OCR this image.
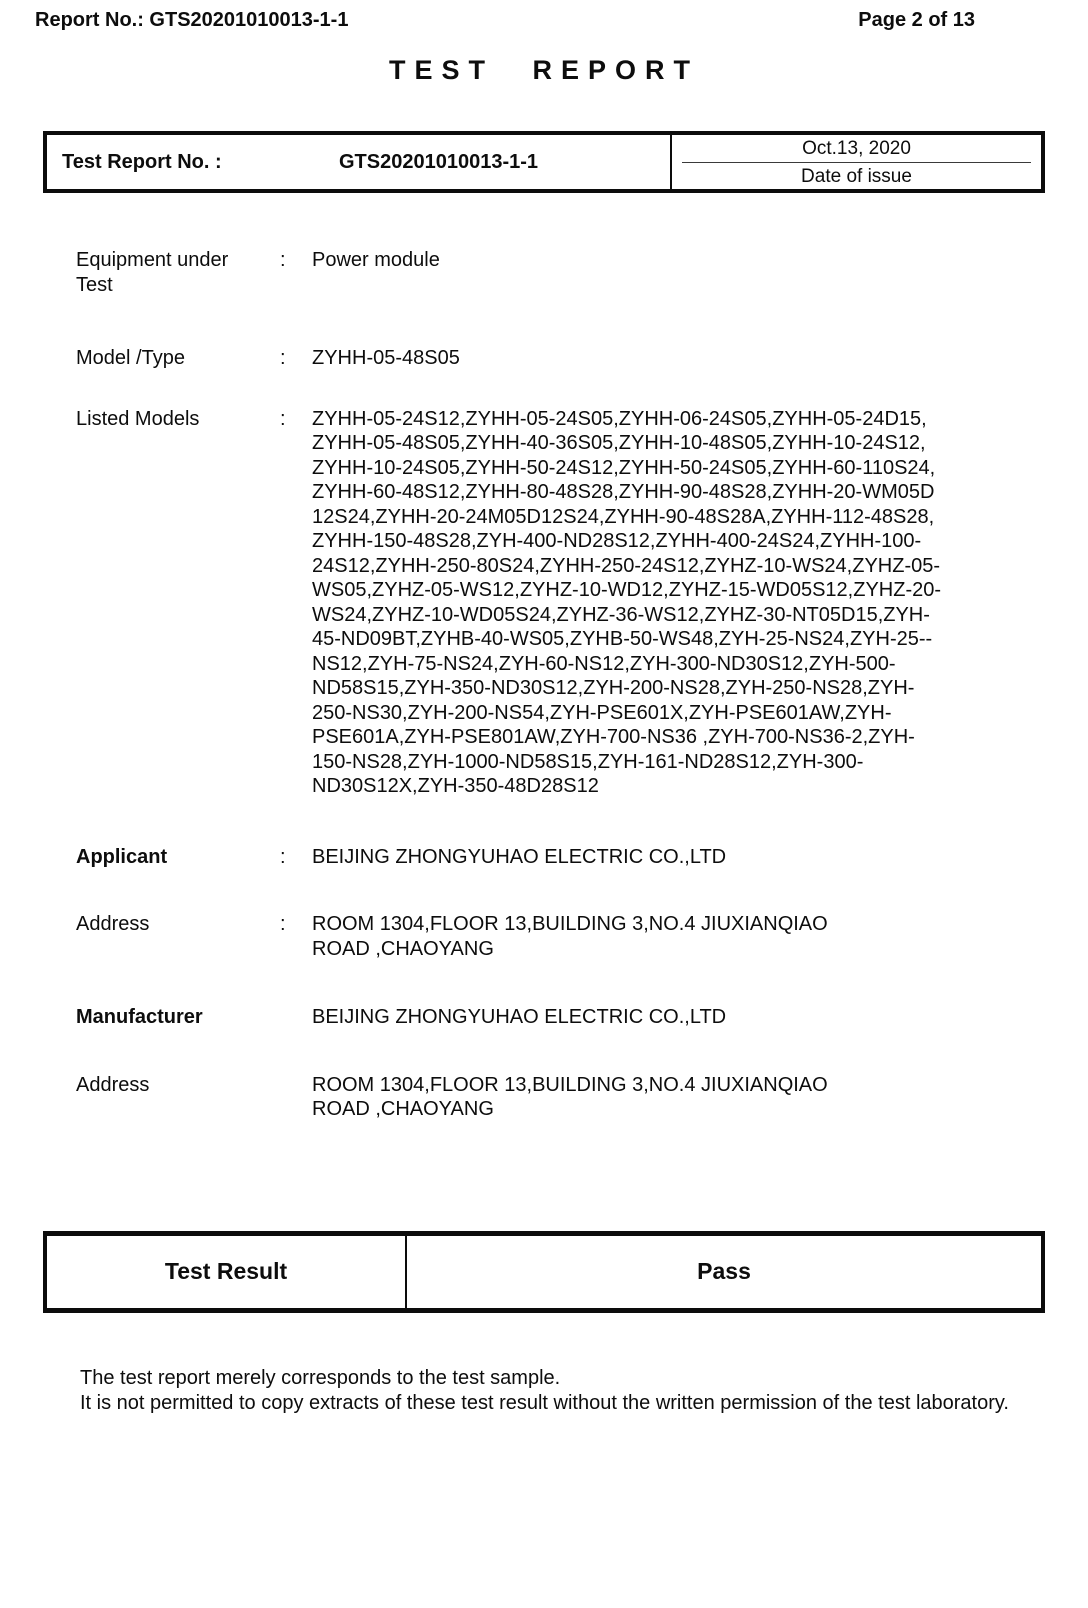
Report No.: GTS20201010013-1-1	Page 2 of 13
TEST REPORT
Test Report No. :	GTS20201010013-1-1
Oct.13, 2020
Date of issue
Equipment under Test
:	Power module
Model /Type	:	ZYHH-05-48S05
Listed Models	:	ZYHH-05-24S12,ZYHH-05-24S05,ZYHH-06-24S05,ZYHH-05-24D15,
ZYHH-05-48S05,ZYHH-40-36S05,ZYHH-10-48S05,ZYHH-10-24S12,
ZYHH-10-24S05,ZYHH-50-24S12,ZYHH-50-24S05,ZYHH-60-110S24,
ZYHH-60-48S12,ZYHH-80-48S28,ZYHH-90-48S28,ZYHH-20-WM05D
12S24,ZYHH-20-24M05D12S24,ZYHH-90-48S28A,ZYHH-112-48S28,
ZYHH-150-48S28,ZYH-400-ND28S12,ZYHH-400-24S24,ZYHH-100-
24S12,ZYHH-250-80S24,ZYHH-250-24S12,ZYHZ-10-WS24,ZYHZ-05-
WS05,ZYHZ-05-WS12,ZYHZ-10-WD12,ZYHZ-15-WD05S12,ZYHZ-20-
WS24,ZYHZ-10-WD05S24,ZYHZ-36-WS12,ZYHZ-30-NT05D15,ZYH-
45-ND09BT,ZYHB-40-WS05,ZYHB-50-WS48,ZYH-25-NS24,ZYH-25--
NS12,ZYH-75-NS24,ZYH-60-NS12,ZYH-300-ND30S12,ZYH-500-
ND58S15,ZYH-350-ND30S12,ZYH-200-NS28,ZYH-250-NS28,ZYH-
250-NS30,ZYH-200-NS54,ZYH-PSE601X,ZYH-PSE601AW,ZYH-
PSE601A,ZYH-PSE801AW,ZYH-700-NS36 ,ZYH-700-NS36-2,ZYH-
150-NS28,ZYH-1000-ND58S15,ZYH-161-ND28S12,ZYH-300-
ND30S12X,ZYH-350-48D28S12
Applicant	:	BEIJING ZHONGYUHAO ELECTRIC CO.,LTD
Address	:	ROOM 1304,FLOOR 13,BUILDING 3,NO.4 JIUXIANQIAO
ROAD ,CHAOYANG
Manufacturer	BEIJING ZHONGYUHAO ELECTRIC CO.,LTD
Address	ROOM 1304,FLOOR 13,BUILDING 3,NO.4 JIUXIANQIAO
ROAD ,CHAOYANG
Test Result	Pass

The test report merely corresponds to the test sample.

It is not permitted to copy extracts of these test result without the written permission of the test laboratory.
